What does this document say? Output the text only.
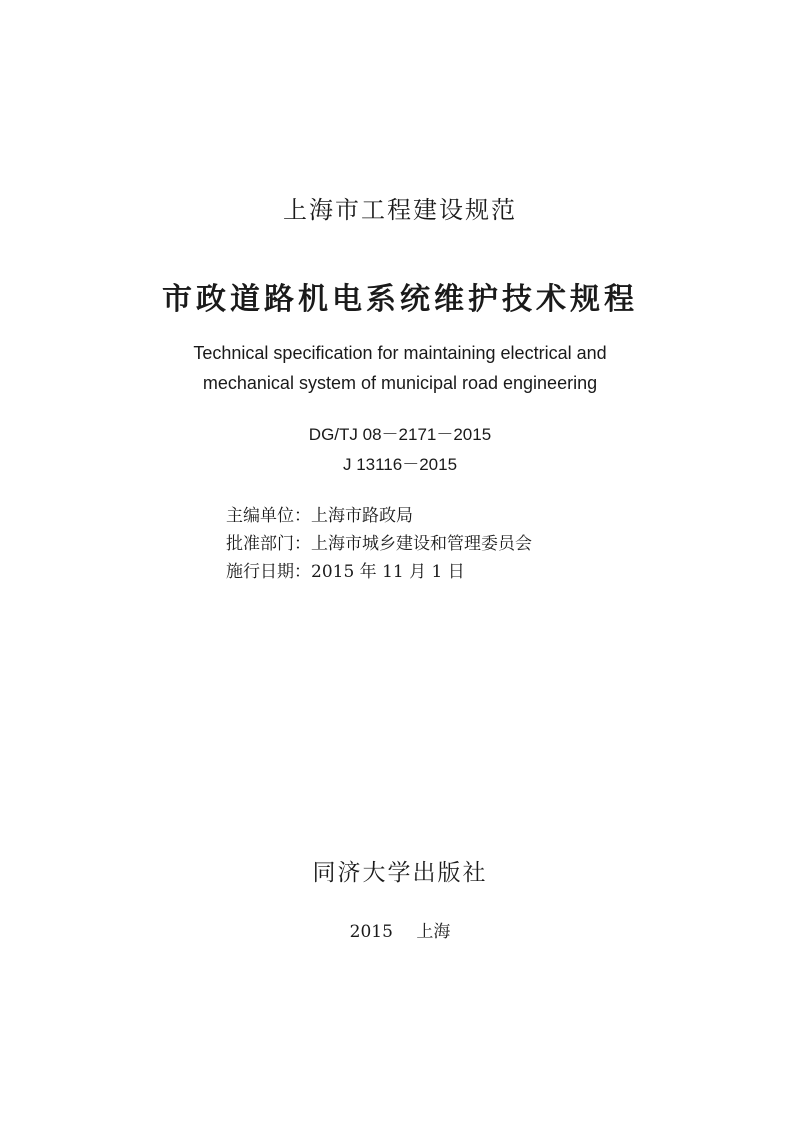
上海市工程建设规范
市政道路机电系统维护技术规程
Technical specification for maintaining electrical and
mechanical system of municipal road engineering
DG/TJ 08－2171－2015
J 13116－2015
主编单位：上海市路政局
批准部门：上海市城乡建设和管理委员会
施行日期：2015 年 11 月 1 日
同济大学出版社
2015 上海
